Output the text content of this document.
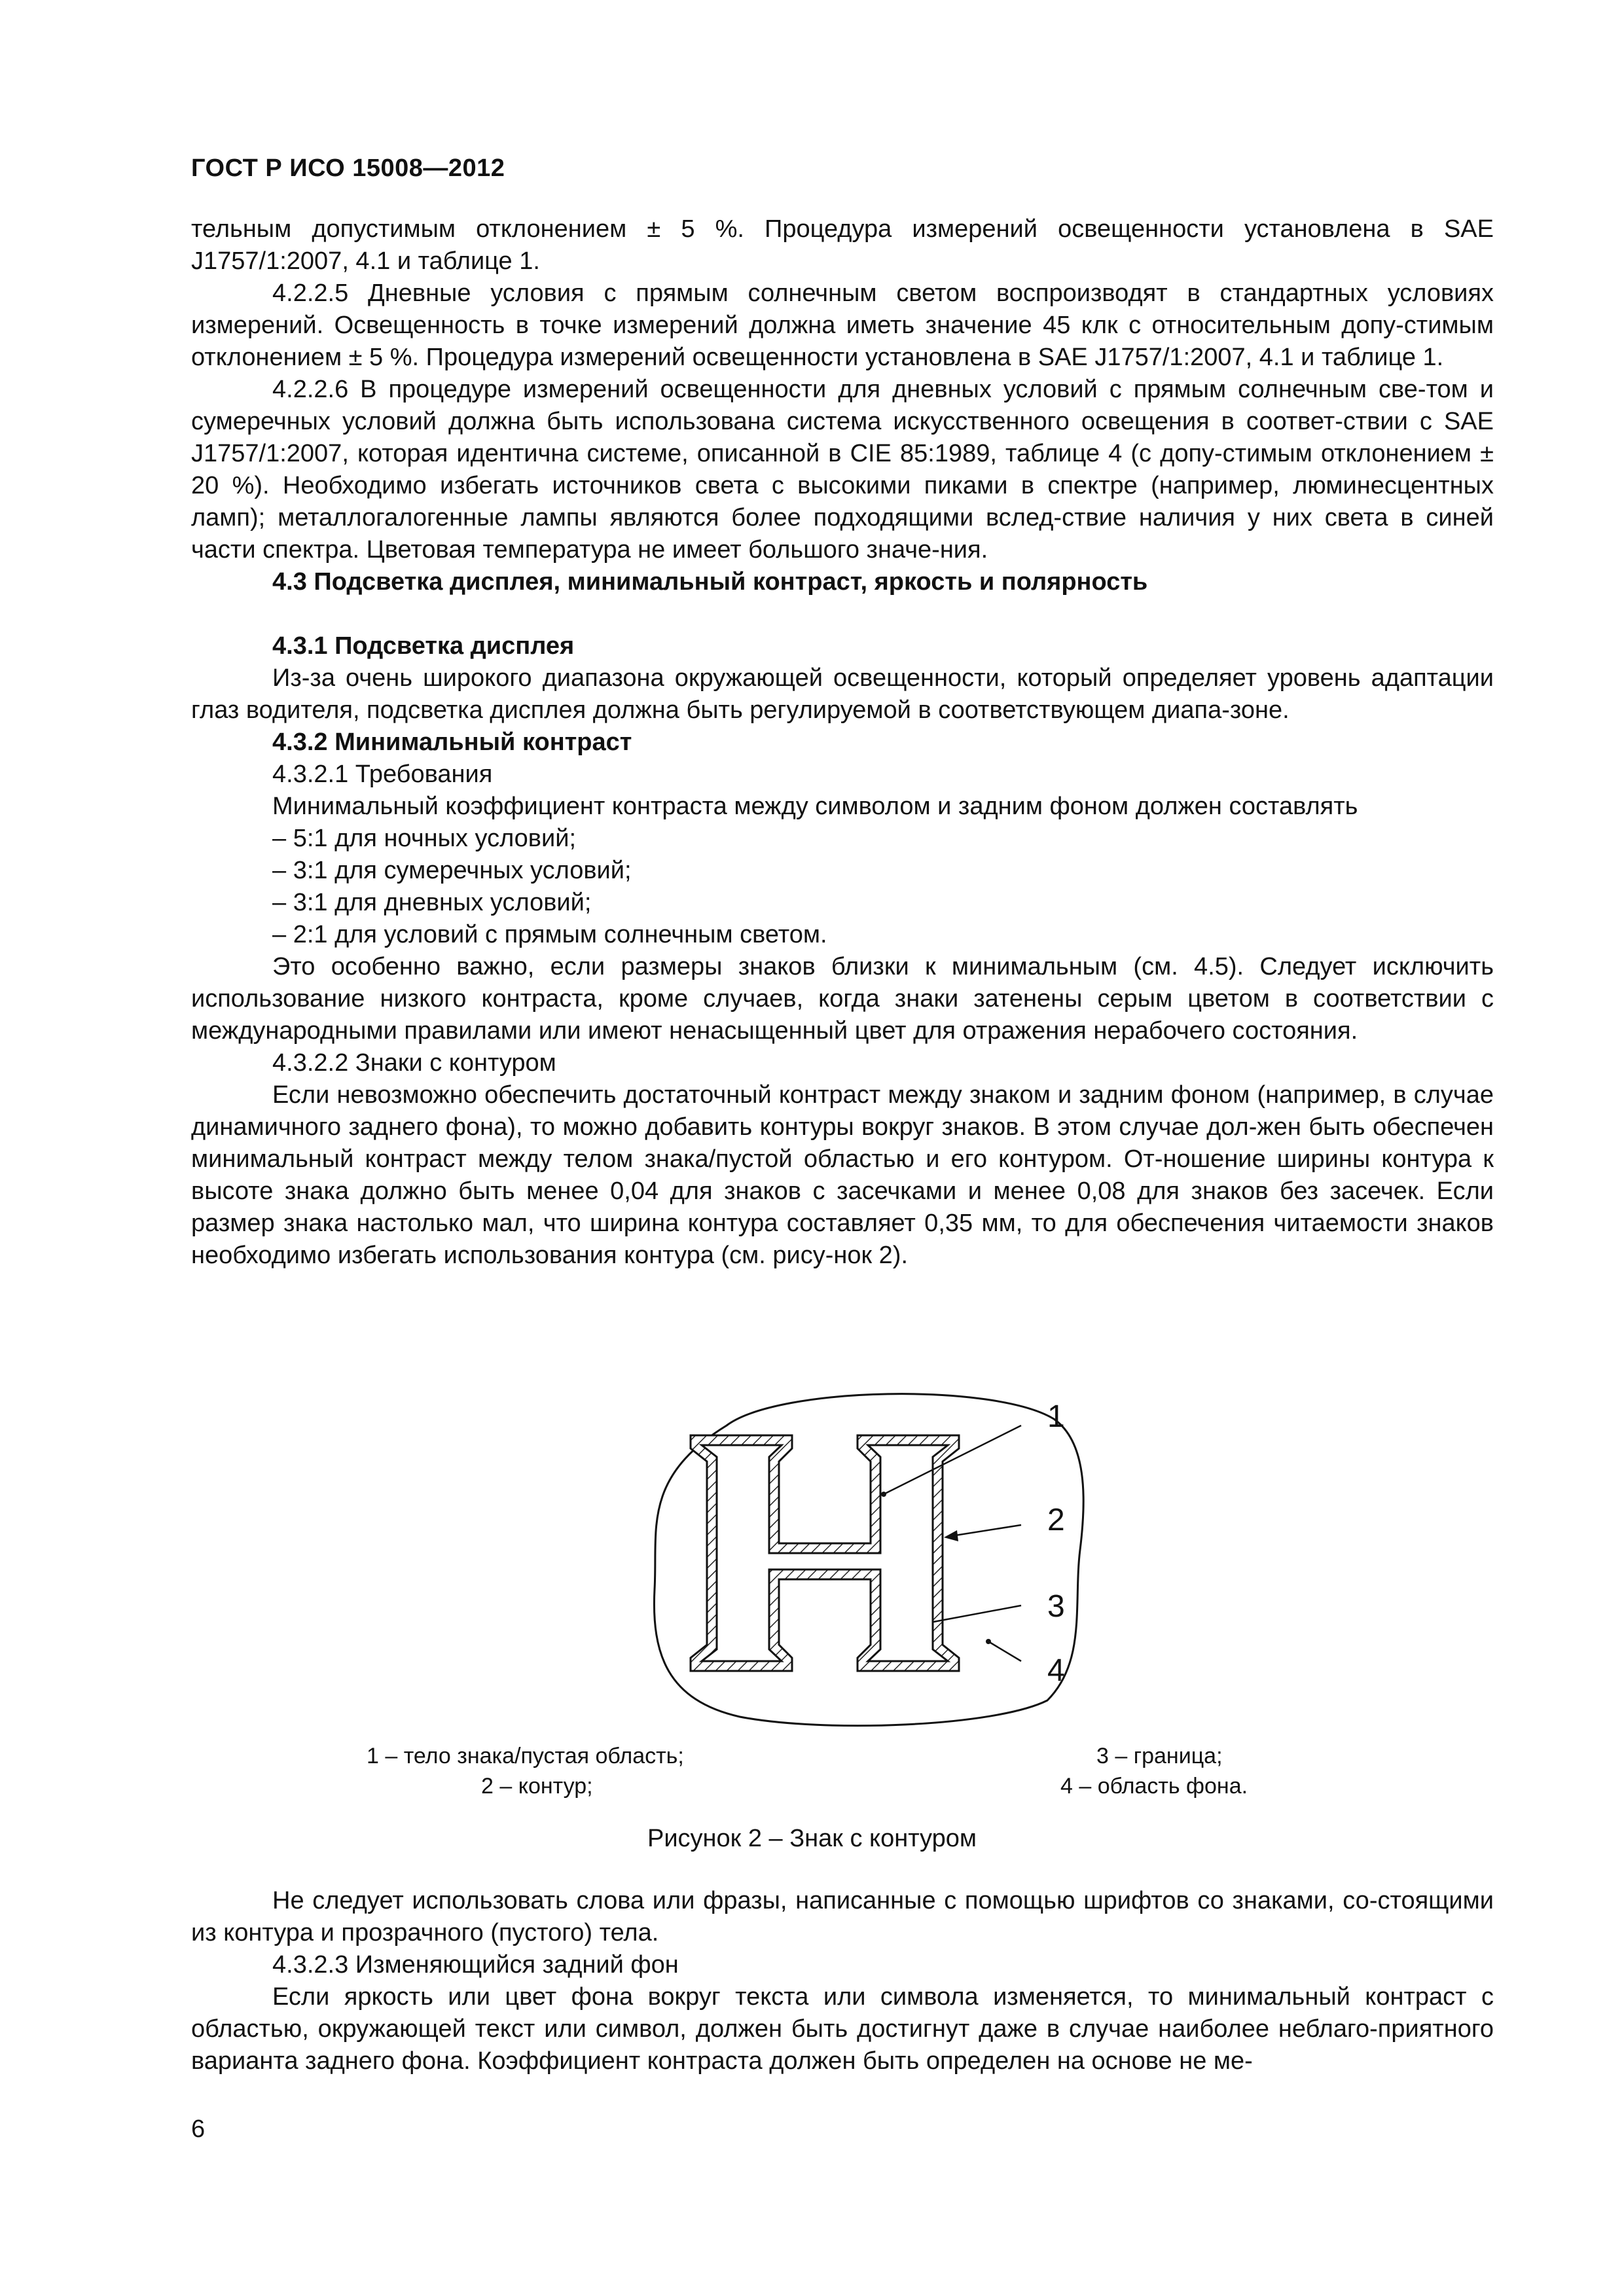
ГОСТ Р ИСО 15008—2012

тельным допустимым отклонением ± 5 %. Процедура измерений освещенности установлена в SAE J1757/1:2007, 4.1 и таблице 1.

4.2.2.5 Дневные условия с прямым солнечным светом воспроизводят в стандартных условиях измерений. Освещенность в точке измерений должна иметь значение 45 клк с относительным допу-стимым отклонением ± 5 %. Процедура измерений освещенности установлена в SAE J1757/1:2007, 4.1 и таблице 1.

4.2.2.6 В процедуре измерений освещенности для дневных условий с прямым солнечным све-том и сумеречных условий должна быть использована система искусственного освещения в соответ-ствии с SAE J1757/1:2007, которая идентична системе, описанной в CIE 85:1989, таблице 4 (с допу-стимым отклонением ± 20 %). Необходимо избегать источников света с высокими пиками в спектре (например, люминесцентных ламп); металлогалогенные лампы являются более подходящими вслед-ствие наличия у них света в синей части спектра. Цветовая температура не имеет большого значе-ния.

4.3 Подсветка дисплея, минимальный контраст, яркость и полярность

4.3.1 Подсветка дисплея

Из-за очень широкого диапазона окружающей освещенности, который определяет уровень адаптации глаз водителя, подсветка дисплея должна быть регулируемой в соответствующем диапа-зоне.

4.3.2 Минимальный контраст

4.3.2.1 Требования

Минимальный коэффициент контраста между символом и задним фоном должен составлять

– 5:1 для ночных условий;

– 3:1 для сумеречных условий;

– 3:1 для дневных условий;

– 2:1 для условий с прямым солнечным светом.

Это особенно важно, если размеры знаков близки к минимальным (см. 4.5). Следует исключить использование низкого контраста, кроме случаев, когда знаки затенены серым цветом в соответствии с международными правилами или имеют ненасыщенный цвет для отражения нерабочего состояния.

4.3.2.2 Знаки с контуром

Если невозможно обеспечить достаточный контраст между знаком и задним фоном (например, в случае динамичного заднего фона), то можно добавить контуры вокруг знаков. В этом случае дол-жен быть обеспечен минимальный контраст между телом знака/пустой областью и его контуром. От-ношение ширины контура к высоте знака должно быть менее 0,04 для знаков с засечками и менее 0,08 для знаков без засечек. Если размер знака настолько мал, что ширина контура составляет 0,35 мм, то для обеспечения читаемости знаков необходимо избегать использования контура (см. рису-нок 2).

1
2
3
4
1 – тело знака/пустая область;
2 – контур;
3 – граница;
4 – область фона.
Рисунок 2 – Знак с контуром

Не следует использовать слова или фразы, написанные с помощью шрифтов со знаками, со-стоящими из контура и прозрачного (пустого) тела.

4.3.2.3 Изменяющийся задний фон

Если яркость или цвет фона вокруг текста или символа изменяется, то минимальный контраст с областью, окружающей текст или символ, должен быть достигнут даже в случае наиболее неблаго-приятного варианта заднего фона. Коэффициент контраста должен быть определен на основе не ме-

6
